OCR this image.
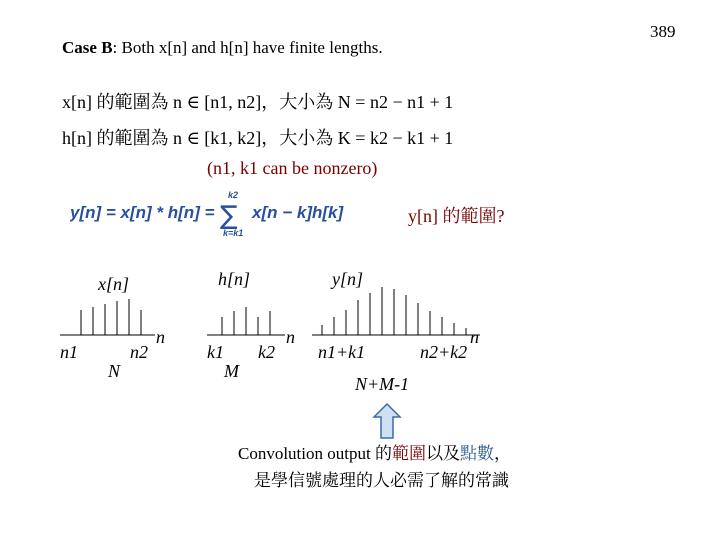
389
Case B: Both x[n] and h[n] have finite lengths.
x[n] 的範圍為 n ∈ [n1, n2]，大小為 N = n2 − n1 + 1
h[n] 的範圍為 n ∈ [k1, k2]，大小為 K = k2 − k1 + 1
(n1, k1 can be nonzero)
y[n] = x[n] * h[n] =
k2
∑
k=k1
x[n − k]h[k]	y[n] 的範圍?
x[n]
n1	n2
n
N
h[n]
k1 k2
n
M
y[n]
n1+k1	n2+k2
n
N+M-1
Convolution output 的範圍以及點數，
是學信號處理的人必需了解的常識
